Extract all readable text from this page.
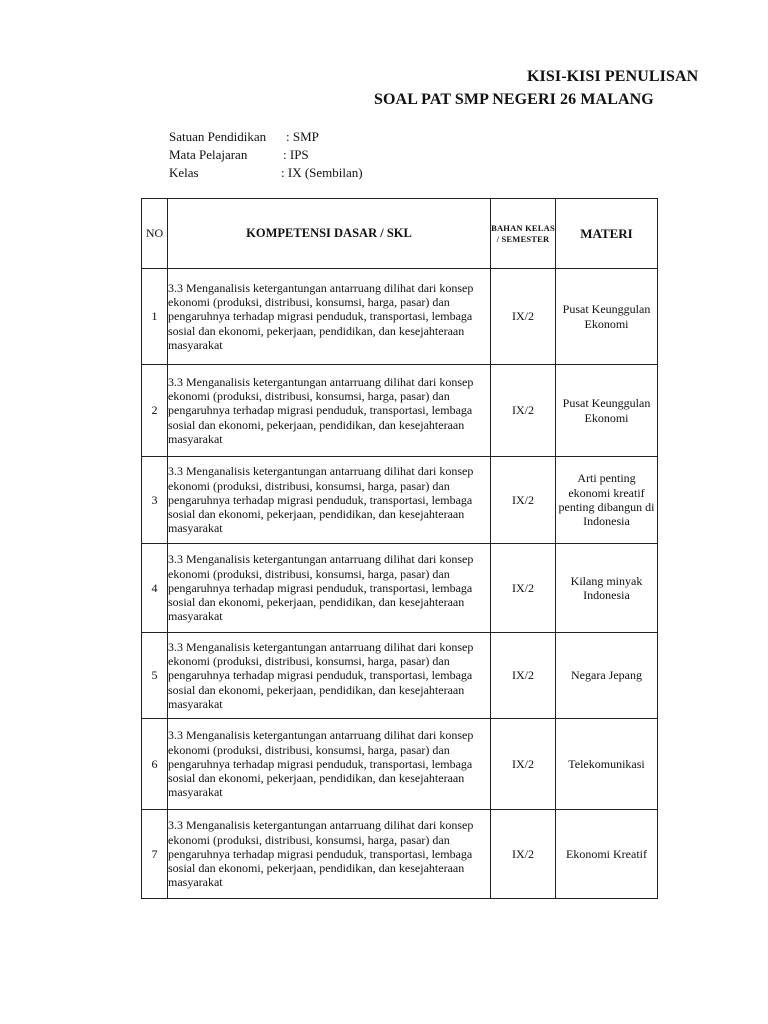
KISI-KISI PENULISAN
SOAL PAT SMP NEGERI 26 MALANG
Satuan Pendidikan : SMP
Mata Pelajaran	: IPS
Kelas	: IX (Sembilan)
NO	KOMPETENSI DASAR / SKL	BAHAN KELAS / SEMESTER	MATERI
1	3.3 Menganalisis ketergantungan antarruang dilihat dari konsep ekonomi (produksi, distribusi, konsumsi, harga, pasar) dan pengaruhnya terhadap migrasi penduduk, transportasi, lembaga sosial dan ekonomi, pekerjaan, pendidikan, dan kesejahteraan masyarakat	IX/2	Pusat Keunggulan Ekonomi
2	3.3 Menganalisis ketergantungan antarruang dilihat dari konsep ekonomi (produksi, distribusi, konsumsi, harga, pasar) dan pengaruhnya terhadap migrasi penduduk, transportasi, lembaga sosial dan ekonomi, pekerjaan, pendidikan, dan kesejahteraan masyarakat	IX/2	Pusat Keunggulan Ekonomi
3	3.3 Menganalisis ketergantungan antarruang dilihat dari konsep ekonomi (produksi, distribusi, konsumsi, harga, pasar) dan pengaruhnya terhadap migrasi penduduk, transportasi, lembaga sosial dan ekonomi, pekerjaan, pendidikan, dan kesejahteraan masyarakat	IX/2	Arti penting ekonomi kreatif penting dibangun di Indonesia
4	3.3 Menganalisis ketergantungan antarruang dilihat dari konsep ekonomi (produksi, distribusi, konsumsi, harga, pasar) dan pengaruhnya terhadap migrasi penduduk, transportasi, lembaga sosial dan ekonomi, pekerjaan, pendidikan, dan kesejahteraan masyarakat	IX/2	Kilang minyak Indonesia
5	3.3 Menganalisis ketergantungan antarruang dilihat dari konsep ekonomi (produksi, distribusi, konsumsi, harga, pasar) dan pengaruhnya terhadap migrasi penduduk, transportasi, lembaga sosial dan ekonomi, pekerjaan, pendidikan, dan kesejahteraan masyarakat	IX/2	Negara Jepang
6	3.3 Menganalisis ketergantungan antarruang dilihat dari konsep ekonomi (produksi, distribusi, konsumsi, harga, pasar) dan pengaruhnya terhadap migrasi penduduk, transportasi, lembaga sosial dan ekonomi, pekerjaan, pendidikan, dan kesejahteraan masyarakat	IX/2	Telekomunikasi
7	3.3 Menganalisis ketergantungan antarruang dilihat dari konsep ekonomi (produksi, distribusi, konsumsi, harga, pasar) dan pengaruhnya terhadap migrasi penduduk, transportasi, lembaga sosial dan ekonomi, pekerjaan, pendidikan, dan kesejahteraan masyarakat	IX/2	Ekonomi Kreatif
